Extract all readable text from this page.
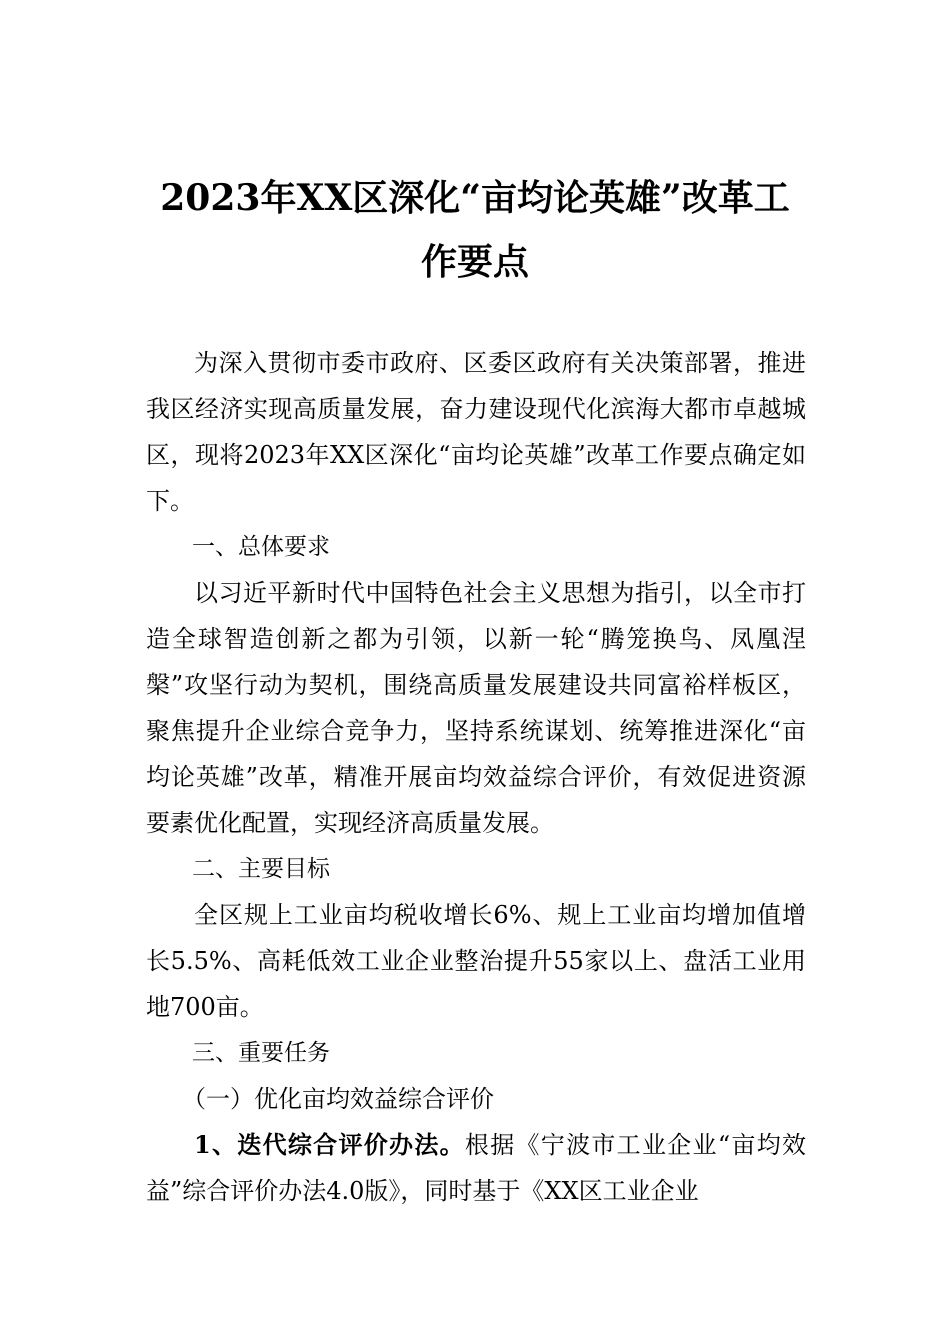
2023年XX区深化“亩均论英雄”改革工
作要点

为深入贯彻市委市政府、区委区政府有关决策部署，推进我区经济实现高质量发展，奋力建设现代化滨海大都市卓越城区，现将2023年XX区深化“亩均论英雄”改革工作要点确定如下。

一、总体要求

以习近平新时代中国特色社会主义思想为指引，以全市打造全球智造创新之都为引领，以新一轮“腾笼换鸟、凤凰涅槃”攻坚行动为契机，围绕高质量发展建设共同富裕样板区，聚焦提升企业综合竞争力，坚持系统谋划、统筹推进深化“亩均论英雄”改革，精准开展亩均效益综合评价，有效促进资源要素优化配置，实现经济高质量发展。

二、主要目标

全区规上工业亩均税收增长6%、规上工业亩均增加值增长5.5%、高耗低效工业企业整治提升55家以上、盘活工业用地700亩。

三、重要任务

（一）优化亩均效益综合评价

1、迭代综合评价办法。根据《宁波市工业企业“亩均效益”综合评价办法4.0版》，同时基于《XX区工业企业
